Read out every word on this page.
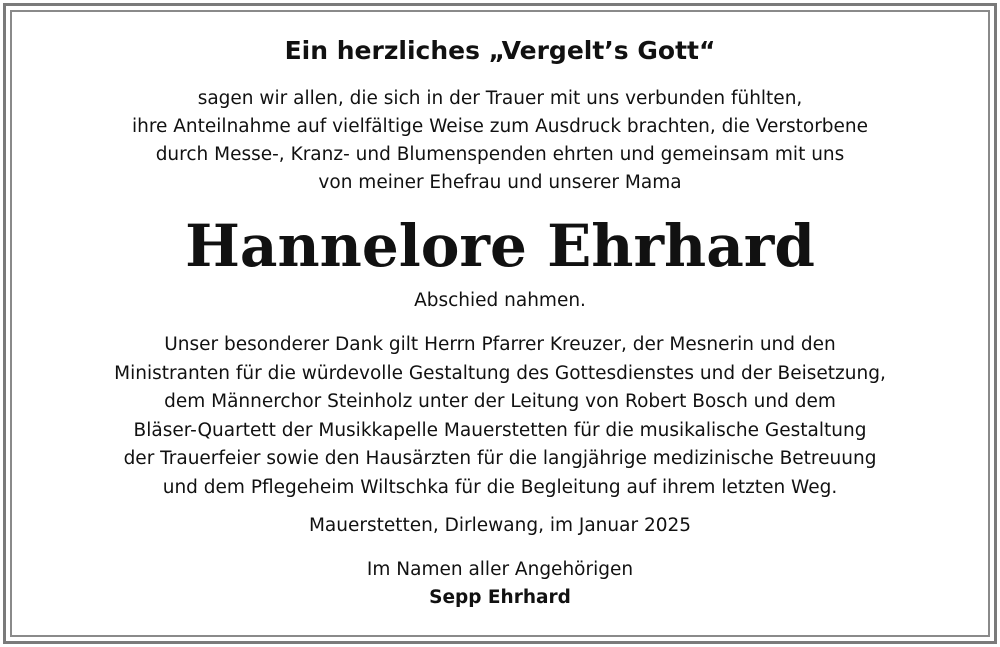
Ein herzliches „Vergelt’s Gott“
sagen wir allen, die sich in der Trauer mit uns verbunden fühlten,
ihre Anteilnahme auf vielfältige Weise zum Ausdruck brachten, die Verstorbene
durch Messe-, Kranz- und Blumenspenden ehrten und gemeinsam mit uns
von meiner Ehefrau und unserer Mama
Hannelore Ehrhard
Abschied nahmen.
Unser besonderer Dank gilt Herrn Pfarrer Kreuzer, der Mesnerin und den
Ministranten für die würdevolle Gestaltung des Gottesdienstes und der Beisetzung,
dem Männerchor Steinholz unter der Leitung von Robert Bosch und dem
Bläser-Quartett der Musikkapelle Mauerstetten für die musikalische Gestaltung
der Trauerfeier sowie den Hausärzten für die langjährige medizinische Betreuung
und dem Pflegeheim Wiltschka für die Begleitung auf ihrem letzten Weg.
Mauerstetten, Dirlewang, im Januar 2025
Im Namen aller Angehörigen
Sepp Ehrhard
